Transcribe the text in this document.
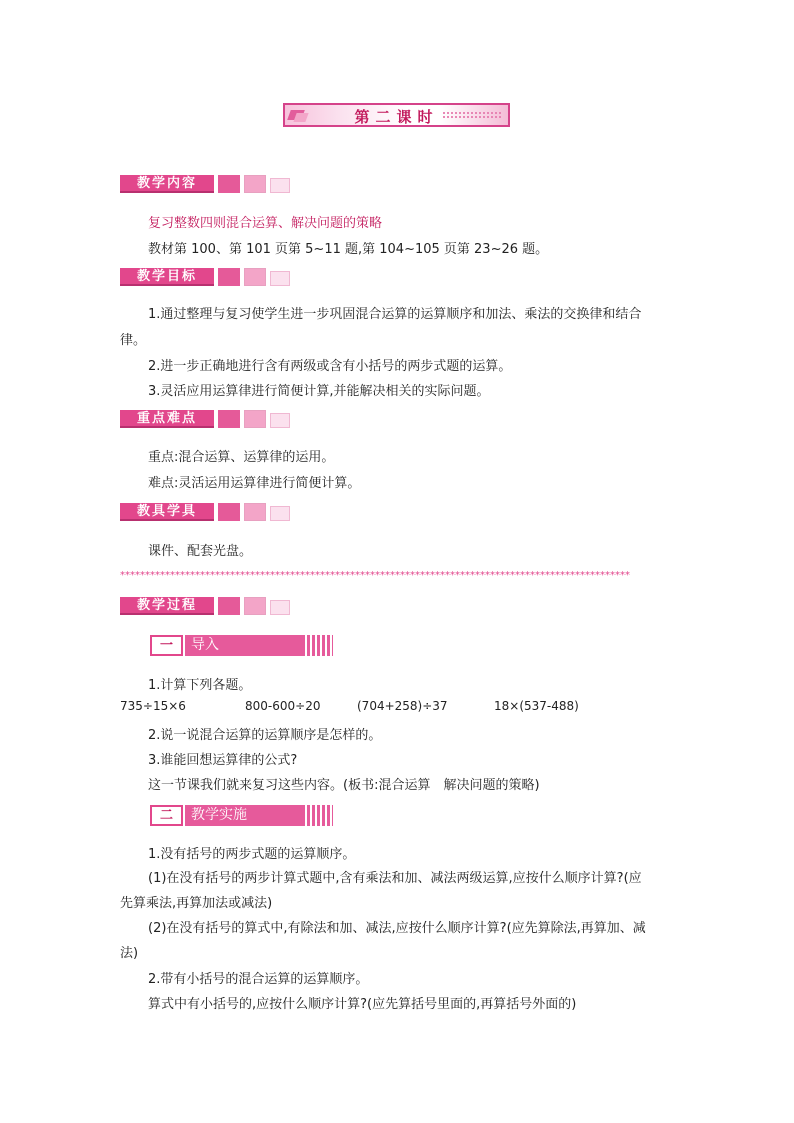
第二课时
教学内容
复习整数四则混合运算、解决问题的策略
教材第 100、第 101 页第 5~11 题,第 104~105 页第 23~26 题。
教学目标
1.通过整理与复习使学生进一步巩固混合运算的运算顺序和加法、乘法的交换律和结合
律。
2.进一步正确地进行含有两级或含有小括号的两步式题的运算。
3.灵活应用运算律进行简便计算,并能解决相关的实际问题。
重点难点
重点:混合运算、运算律的运用。
难点:灵活运用运算律进行简便计算。
教具学具
课件、配套光盘。
******************************************************************************************************
教学过程
一	导入
1.计算下列各题。
735÷15×6	800-600÷20	(704+258)÷37	18×(537-488)
2.说一说混合运算的运算顺序是怎样的。
3.谁能回想运算律的公式?
这一节课我们就来复习这些内容。(板书:混合运算　解决问题的策略)
二	教学实施
1.没有括号的两步式题的运算顺序。
(1)在没有括号的两步计算式题中,含有乘法和加、减法两级运算,应按什么顺序计算?(应
先算乘法,再算加法或减法)
(2)在没有括号的算式中,有除法和加、减法,应按什么顺序计算?(应先算除法,再算加、减
法)
2.带有小括号的混合运算的运算顺序。
算式中有小括号的,应按什么顺序计算?(应先算括号里面的,再算括号外面的)
